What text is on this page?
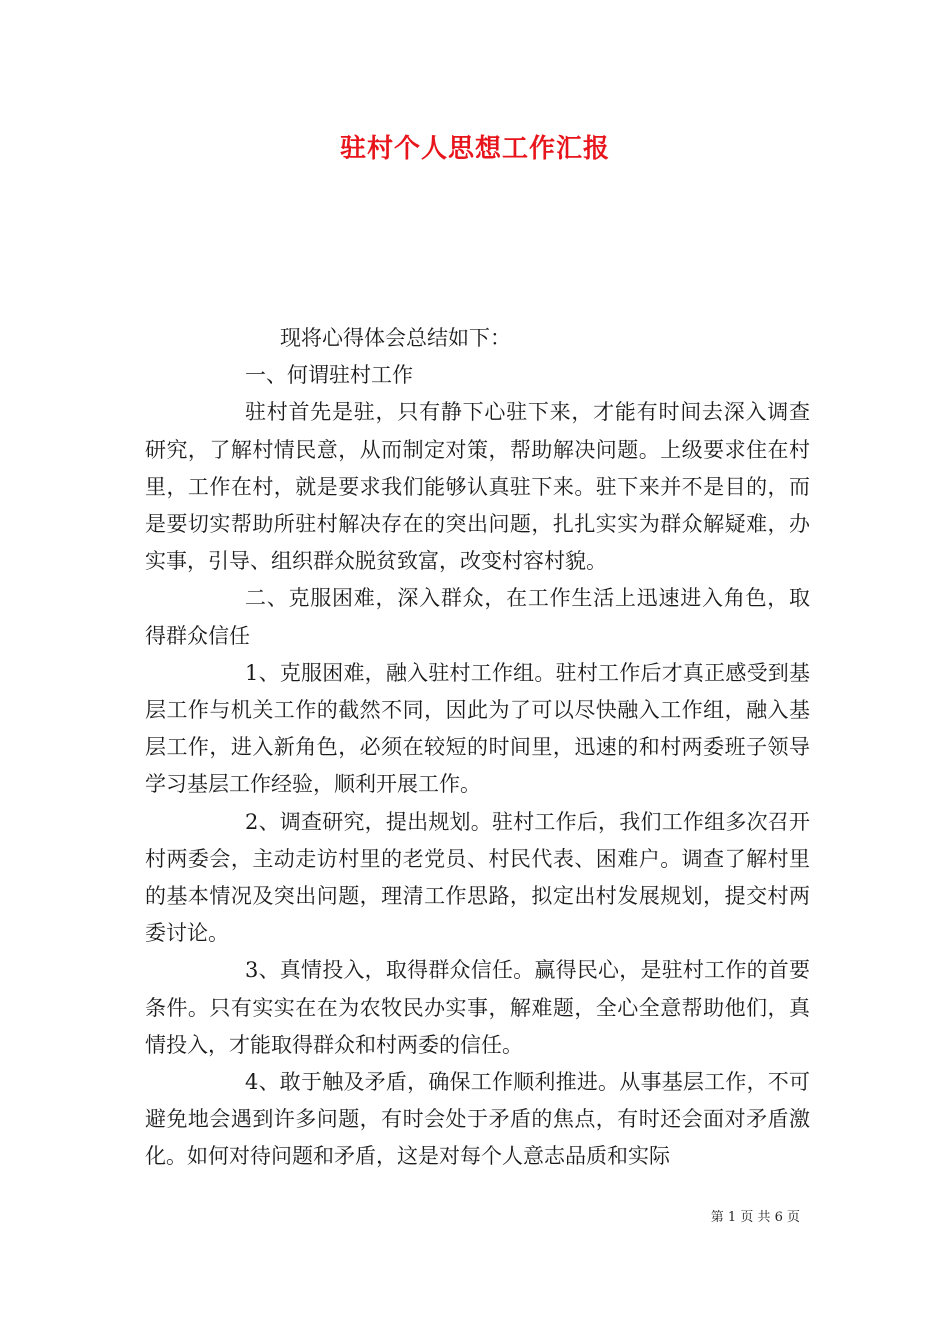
驻村个人思想工作汇报

现将心得体会总结如下：

一、何谓驻村工作

驻村首先是驻，只有静下心驻下来，才能有时间去深入调查研究，了解村情民意，从而制定对策，帮助解决问题。上级要求住在村里，工作在村，就是要求我们能够认真驻下来。驻下来并不是目的，而是要切实帮助所驻村解决存在的突出问题，扎扎实实为群众解疑难，办实事，引导、组织群众脱贫致富，改变村容村貌。

二、克服困难，深入群众，在工作生活上迅速进入角色，取得群众信任

1、克服困难，融入驻村工作组。驻村工作后才真正感受到基层工作与机关工作的截然不同，因此为了可以尽快融入工作组，融入基层工作，进入新角色，必须在较短的时间里，迅速的和村两委班子领导学习基层工作经验，顺利开展工作。

2、调查研究，提出规划。驻村工作后，我们工作组多次召开村两委会，主动走访村里的老党员、村民代表、困难户。调查了解村里的基本情况及突出问题，理清工作思路，拟定出村发展规划，提交村两委讨论。

3、真情投入，取得群众信任。赢得民心，是驻村工作的首要条件。只有实实在在为农牧民办实事，解难题，全心全意帮助他们，真情投入，才能取得群众和村两委的信任。

4、敢于触及矛盾，确保工作顺利推进。从事基层工作，不可避免地会遇到许多问题，有时会处于矛盾的焦点，有时还会面对矛盾激化。如何对待问题和矛盾，这是对每个人意志品质和实际

第 1 页 共 6 页
